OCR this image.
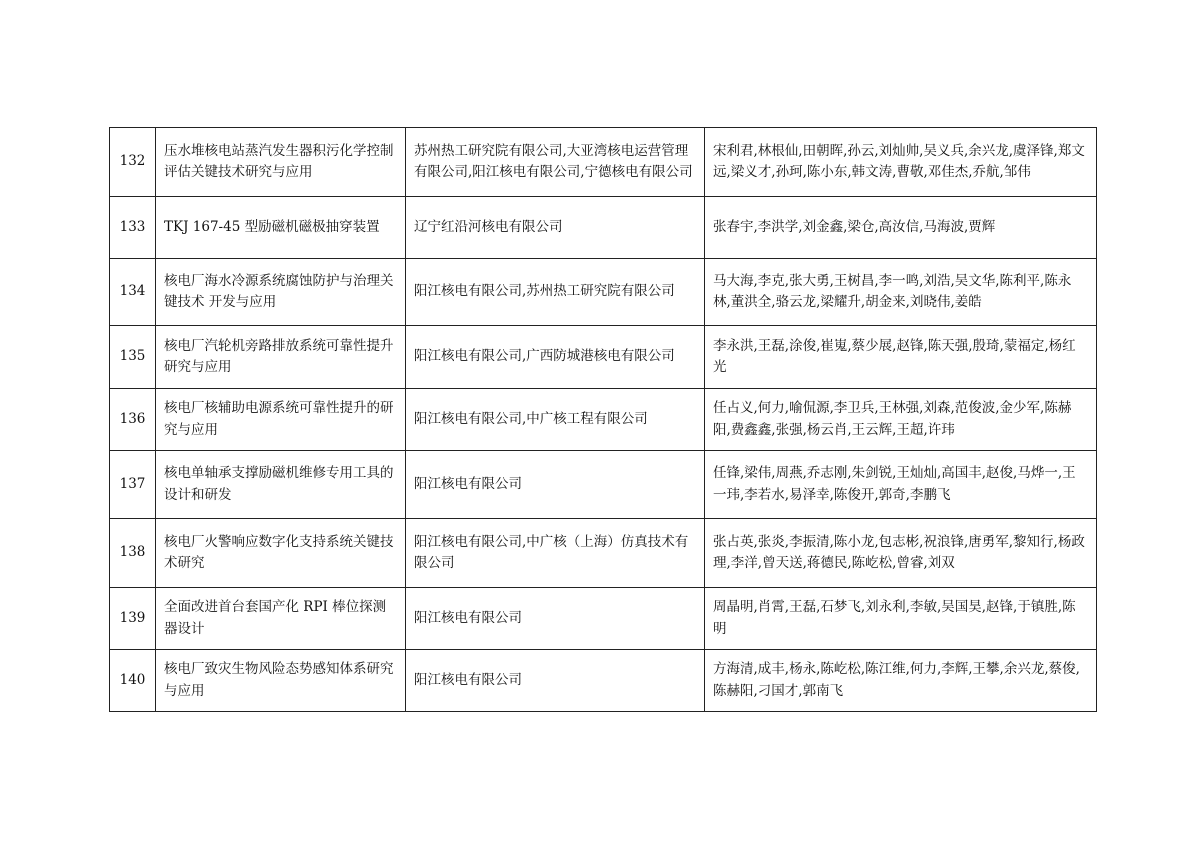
132	压水堆核电站蒸汽发生器积污化学控制评估关键技术研究与应用	苏州热工研究院有限公司,大亚湾核电运营管理有限公司,阳江核电有限公司,宁德核电有限公司	宋利君,林根仙,田朝晖,孙云,刘灿帅,吴义兵,余兴龙,虞泽锋,郑文远,梁义才,孙珂,陈小东,韩文涛,曹敬,邓佳杰,乔航,邹伟
133	TKJ 167-45 型励磁机磁极抽穿装置	辽宁红沿河核电有限公司	张春宇,李洪学,刘金鑫,梁仓,高汝信,马海波,贾辉
134	核电厂海水冷源系统腐蚀防护与治理关键技术 开发与应用	阳江核电有限公司,苏州热工研究院有限公司	马大海,李克,张大勇,王树昌,李一鸣,刘浩,吴文华,陈利平,陈永林,董洪全,骆云龙,梁耀升,胡金来,刘晓伟,姜皓
135	核电厂汽轮机旁路排放系统可靠性提升研究与应用	阳江核电有限公司,广西防城港核电有限公司	李永洪,王磊,涂俊,崔嵬,蔡少展,赵锋,陈天强,殷琦,蒙福定,杨红光
136	核电厂核辅助电源系统可靠性提升的研究与应用	阳江核电有限公司,中广核工程有限公司	任占义,何力,喻侃源,李卫兵,王林强,刘森,范俊波,金少军,陈赫阳,费鑫鑫,张强,杨云肖,王云辉,王超,许玮
137	核电单轴承支撑励磁机维修专用工具的设计和研发	阳江核电有限公司	任锋,梁伟,周燕,乔志刚,朱剑锐,王灿灿,高国丰,赵俊,马烨一,王一玮,李若水,易泽幸,陈俊开,郭奇,李鹏飞
138	核电厂火警响应数字化支持系统关键技术研究	阳江核电有限公司,中广核（上海）仿真技术有限公司	张占英,张炎,李振清,陈小龙,包志彬,祝浪锋,唐勇军,黎知行,杨政理,李洋,曾天送,蒋德民,陈屹松,曾睿,刘双
139	全面改进首台套国产化 RPI 棒位探测器设计	阳江核电有限公司	周晶明,肖霄,王磊,石梦飞,刘永利,李敏,吴国昊,赵锋,于镇胜,陈明
140	核电厂致灾生物风险态势感知体系研究与应用	阳江核电有限公司	方海清,成丰,杨永,陈屹松,陈江维,何力,李辉,王攀,余兴龙,蔡俊,陈赫阳,刁国才,郭南飞
